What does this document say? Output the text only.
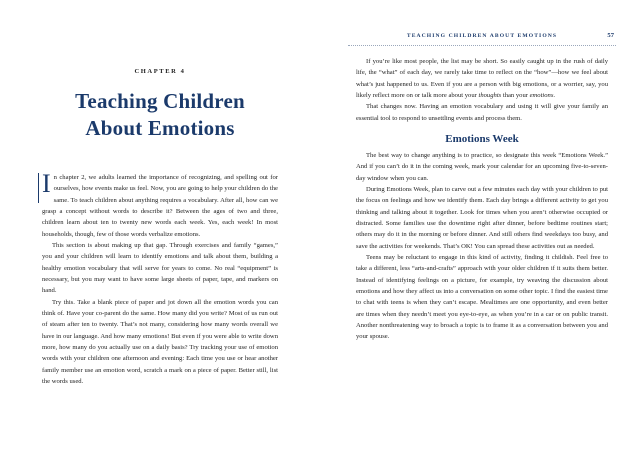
CHAPTER 4
Teaching Children
About Emotions

In chapter 2, we adults learned the importance of recognizing, and spelling out for ourselves, how events make us feel. Now, you are going to help your children do the same. To teach children about anything requires a vocabulary. After all, how can we grasp a concept without words to describe it? Between the ages of two and three, children learn about ten to twenty new words each week. Yes, each week! In most households, though, few of those words verbalize emotions.

This section is about making up that gap. Through exercises and family “games,” you and your children will learn to identify emotions and talk about them, building a healthy emotion vocabulary that will serve for years to come. No real “equipment” is necessary, but you may want to have some large sheets of paper, tape, and markers on hand.

Try this. Take a blank piece of paper and jot down all the emotion words you can think of. Have your co-parent do the same. How many did you write? Most of us run out of steam after ten to twenty. That’s not many, considering how many words overall we have in our language. And how many emotions! But even if you were able to write down more, how many do you actually use on a daily basis? Try tracking your use of emotion words with your children one afternoon and evening: Each time you use or hear another family member use an emotion word, scratch a mark on a piece of paper. Better still, list the words used.

TEACHING CHILDREN ABOUT EMOTIONS	57

If you’re like most people, the list may be short. So easily caught up in the rush of daily life, the “what” of each day, we rarely take time to reflect on the “how”—how we feel about what’s just happened to us. Even if you are a person with big emotions, or a worrier, say, you likely reflect more on or talk more about your thoughts than your emotions.

That changes now. Having an emotion vocabulary and using it will give your family an essential tool to respond to unsettling events and process them.

Emotions Week

The best way to change anything is to practice, so designate this week “Emotions Week.” And if you can’t do it in the coming week, mark your calendar for an upcoming five-to-seven-day window when you can.

During Emotions Week, plan to carve out a few minutes each day with your children to put the focus on feelings and how we identify them. Each day brings a different activity to get you thinking and talking about it together. Look for times when you aren’t otherwise occupied or distracted. Some families use the downtime right after dinner, before bedtime routines start; others may do it in the morning or before dinner. And still others find weekdays too busy, and save the activities for weekends. That’s OK! You can spread these activities out as needed.

Teens may be reluctant to engage in this kind of activity, finding it childish. Feel free to take a different, less “arts-and-crafts” approach with your older children if it suits them better. Instead of identifying feelings on a picture, for example, try weaving the discussion about emotions and how they affect us into a conversation on some other topic. I find the easiest time to chat with teens is when they can’t escape. Mealtimes are one opportunity, and even better are times when they needn’t meet you eye-to-eye, as when you’re in a car or on public transit. Another nonthreatening way to broach a topic is to frame it as a conversation between you and your spouse.
